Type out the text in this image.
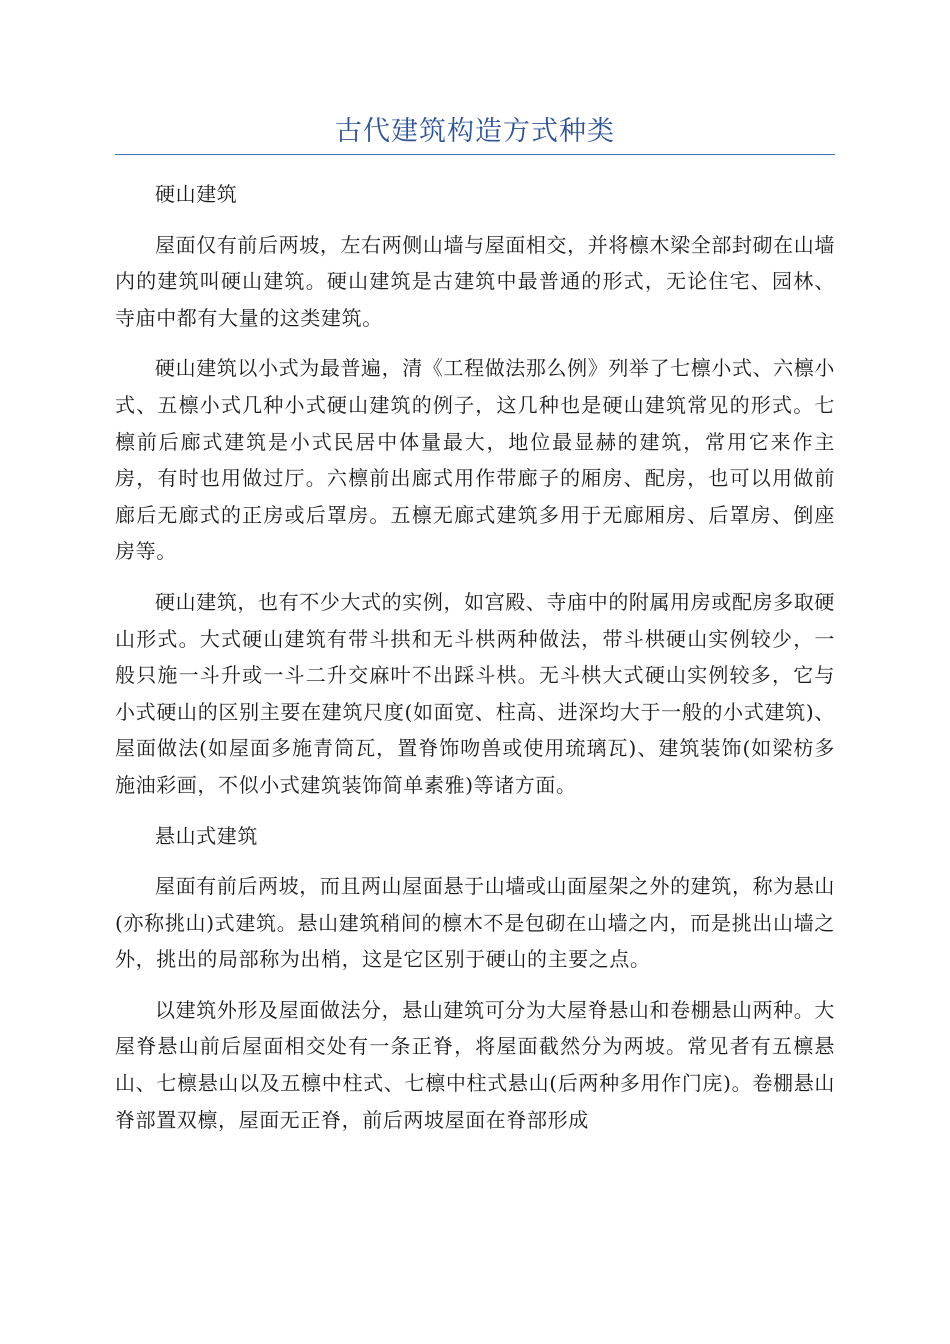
古代建筑构造方式种类

硬山建筑

屋面仅有前后两坡，左右两侧山墙与屋面相交，并将檩木梁全部封砌在山墙内的建筑叫硬山建筑。硬山建筑是古建筑中最普通的形式，无论住宅、园林、寺庙中都有大量的这类建筑。

硬山建筑以小式为最普遍，清《工程做法那么例》列举了七檩小式、六檩小式、五檩小式几种小式硬山建筑的例子，这几种也是硬山建筑常见的形式。七檩前后廊式建筑是小式民居中体量最大，地位最显赫的建筑，常用它来作主房，有时也用做过厅。六檩前出廊式用作带廊子的厢房、配房，也可以用做前廊后无廊式的正房或后罩房。五檩无廊式建筑多用于无廊厢房、后罩房、倒座房等。

硬山建筑，也有不少大式的实例，如宫殿、寺庙中的附属用房或配房多取硬山形式。大式硬山建筑有带斗拱和无斗栱两种做法，带斗栱硬山实例较少，一般只施一斗升或一斗二升交麻叶不出踩斗栱。无斗栱大式硬山实例较多，它与小式硬山的区别主要在建筑尺度(如面宽、柱高、进深均大于一般的小式建筑)、屋面做法(如屋面多施青筒瓦，置脊饰吻兽或使用琉璃瓦)、建筑装饰(如梁枋多施油彩画，不似小式建筑装饰简单素雅)等诸方面。

悬山式建筑

屋面有前后两坡，而且两山屋面悬于山墙或山面屋架之外的建筑，称为悬山(亦称挑山)式建筑。悬山建筑稍间的檩木不是包砌在山墙之内，而是挑出山墙之外，挑出的局部称为出梢，这是它区别于硬山的主要之点。

以建筑外形及屋面做法分，悬山建筑可分为大屋脊悬山和卷棚悬山两种。大屋脊悬山前后屋面相交处有一条正脊，将屋面截然分为两坡。常见者有五檩悬山、七檩悬山以及五檩中柱式、七檩中柱式悬山(后两种多用作门庑)。卷棚悬山脊部置双檩，屋面无正脊，前后两坡屋面在脊部形成
